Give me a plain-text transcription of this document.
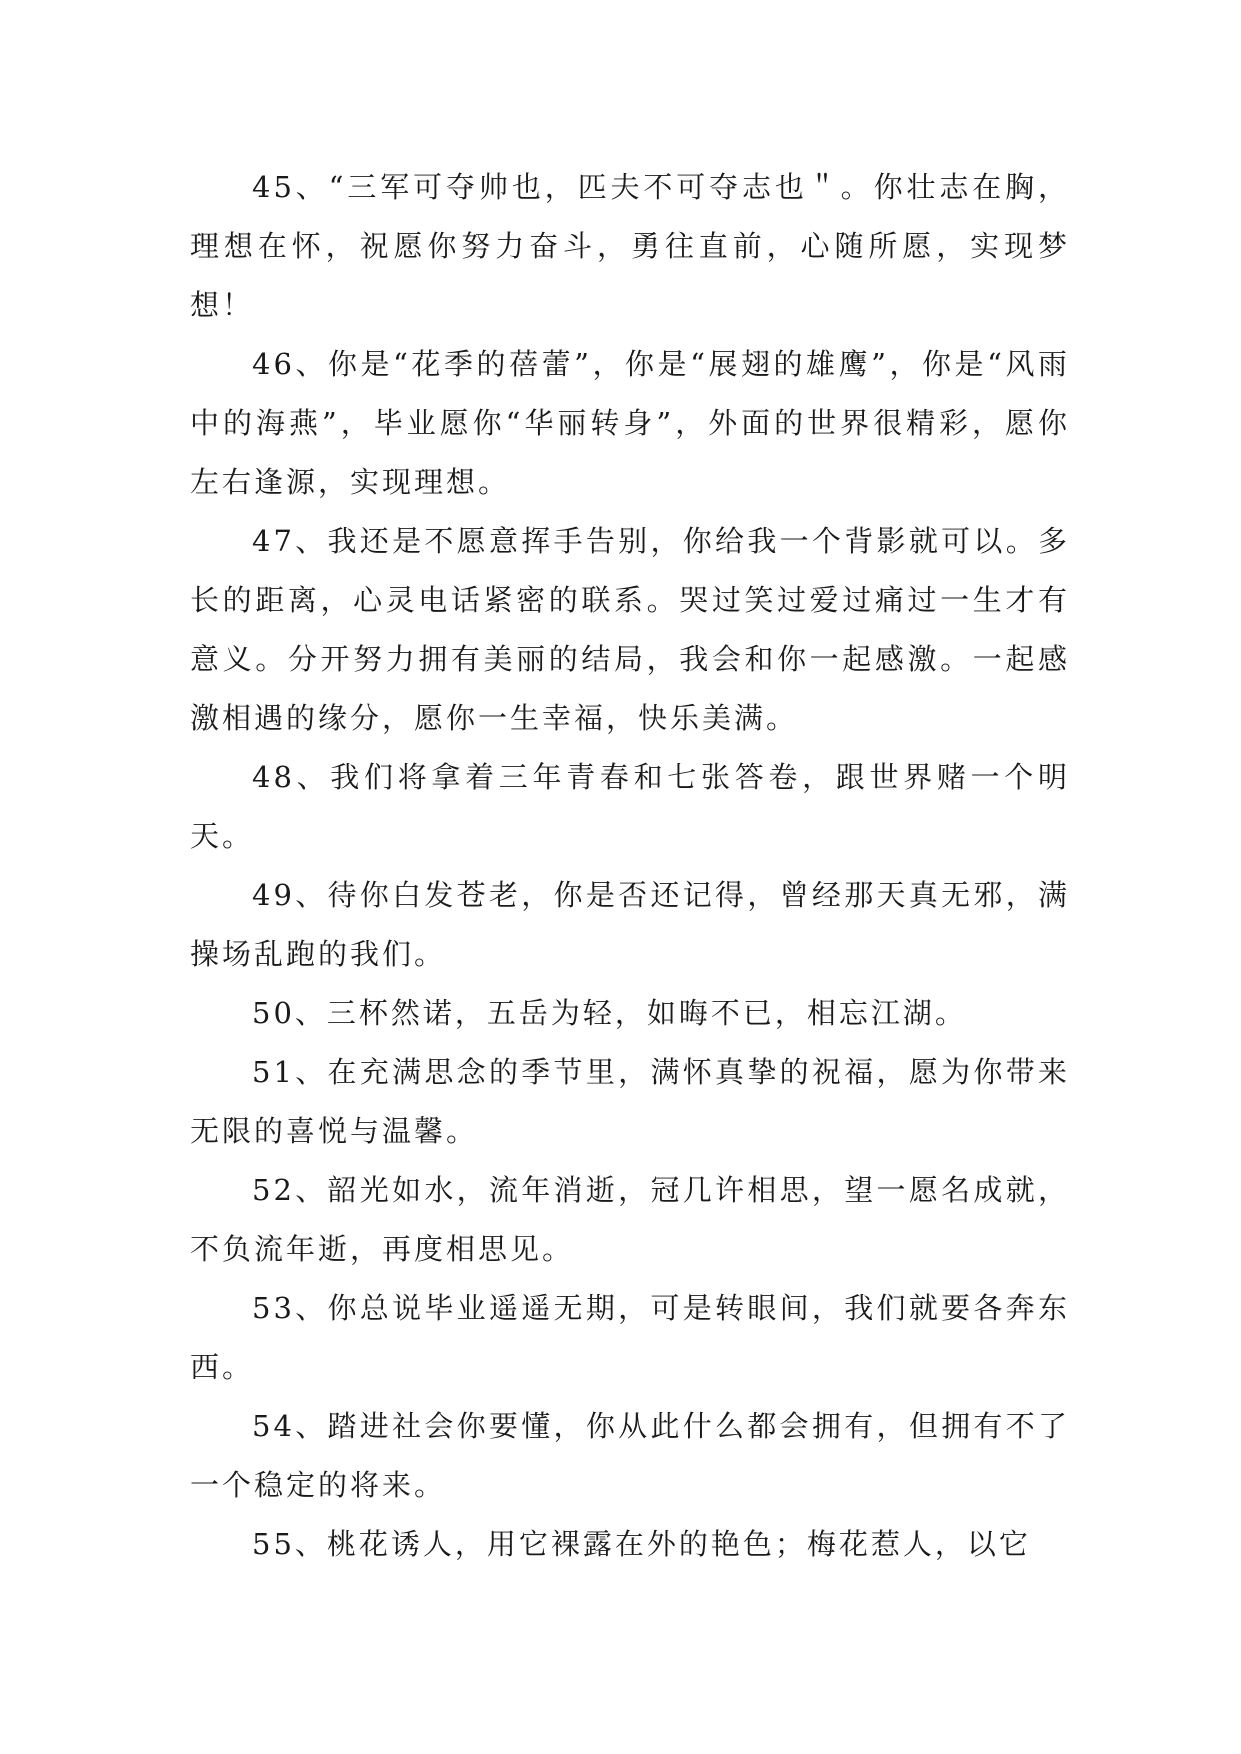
45、“三军可夺帅也，匹夫不可夺志也＂。你壮志在胸，理想在怀，祝愿你努力奋斗，勇往直前，心随所愿，实现梦想！

46、你是“花季的蓓蕾”，你是“展翅的雄鹰”，你是“风雨中的海燕”，毕业愿你“华丽转身”，外面的世界很精彩，愿你左右逢源，实现理想。

47、我还是不愿意挥手告别，你给我一个背影就可以。多长的距离，心灵电话紧密的联系。哭过笑过爱过痛过一生才有意义。分开努力拥有美丽的结局，我会和你一起感激。一起感激相遇的缘分，愿你一生幸福，快乐美满。

48、我们将拿着三年青春和七张答卷，跟世界赌一个明天。

49、待你白发苍老，你是否还记得，曾经那天真无邪，满操场乱跑的我们。

50、三杯然诺，五岳为轻，如晦不已，相忘江湖。

51、在充满思念的季节里，满怀真挚的祝福，愿为你带来无限的喜悦与温馨。

52、韶光如水，流年消逝，冠几许相思，望一愿名成就，不负流年逝，再度相思见。

53、你总说毕业遥遥无期，可是转眼间，我们就要各奔东西。

54、踏进社会你要懂，你从此什么都会拥有，但拥有不了一个稳定的将来。

55、桃花诱人，用它裸露在外的艳色；梅花惹人，以它
